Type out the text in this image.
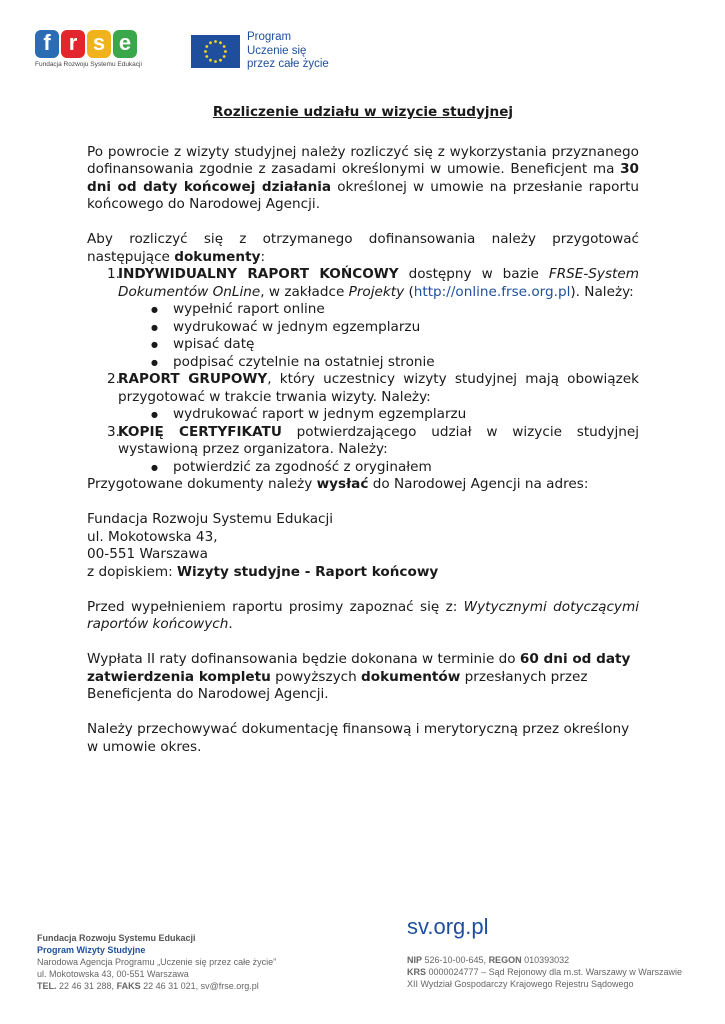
f r s e
Fundacja Rozwoju Systemu Edukacji
Program
Uczenie się
przez całe życie
Rozliczenie udziału w wizycie studyjnej

Po powrocie z wizyty studyjnej należy rozliczyć się z wykorzystania przyznanego dofinansowania zgodnie z zasadami określonymi w umowie. Beneficjent ma 30 dni od daty końcowej działania określonej w umowie na przesłanie raportu końcowego do Narodowej Agencji.

Aby rozliczyć się z otrzymanego dofinansowania należy przygotować następujące dokumenty:

1.

INDYWIDUALNY RAPORT KOŃCOWY dostępny w bazie FRSE-System Dokumentów OnLine, w zakładce Projekty (http://online.frse.org.pl). Należy:

● wypełnić raport online
● wydrukować w jednym egzemplarzu
● wpisać datę
● podpisać czytelnie na ostatniej stronie
2.

RAPORT GRUPOWY, który uczestnicy wizyty studyjnej mają obowiązek przygotować w trakcie trwania wizyty. Należy:

● wydrukować raport w jednym egzemplarzu
3.

KOPIĘ CERTYFIKATU potwierdzającego udział w wizycie studyjnej wystawioną przez organizatora. Należy:

● potwierdzić za zgodność z oryginałem

Przygotowane dokumenty należy wysłać do Narodowej Agencji na adres:

Fundacja Rozwoju Systemu Edukacji

ul. Mokotowska 43,

00-551 Warszawa

z dopiskiem: Wizyty studyjne - Raport końcowy

Przed wypełnieniem raportu prosimy zapoznać się z: Wytycznymi dotyczącymi raportów końcowych.

Wypłata II raty dofinansowania będzie dokonana w terminie do 60 dni od daty zatwierdzenia kompletu powyższych dokumentów przesłanych przez Beneficjenta do Narodowej Agencji.

Należy przechowywać dokumentację finansową i merytoryczną przez określony w umowie okres.

Fundacja Rozwoju Systemu Edukacji
Program Wizyty Studyjne
Narodowa Agencja Programu „Uczenie się przez całe życie”
ul. Mokotowska 43, 00-551 Warszawa
TEL. 22 46 31 288, FAKS 22 46 31 021, sv@frse.org.pl
sv.org.pl
NIP 526-10-00-645, REGON 010393032
KRS 0000024777 – Sąd Rejonowy dla m.st. Warszawy w Warszawie
XII Wydział Gospodarczy Krajowego Rejestru Sądowego
